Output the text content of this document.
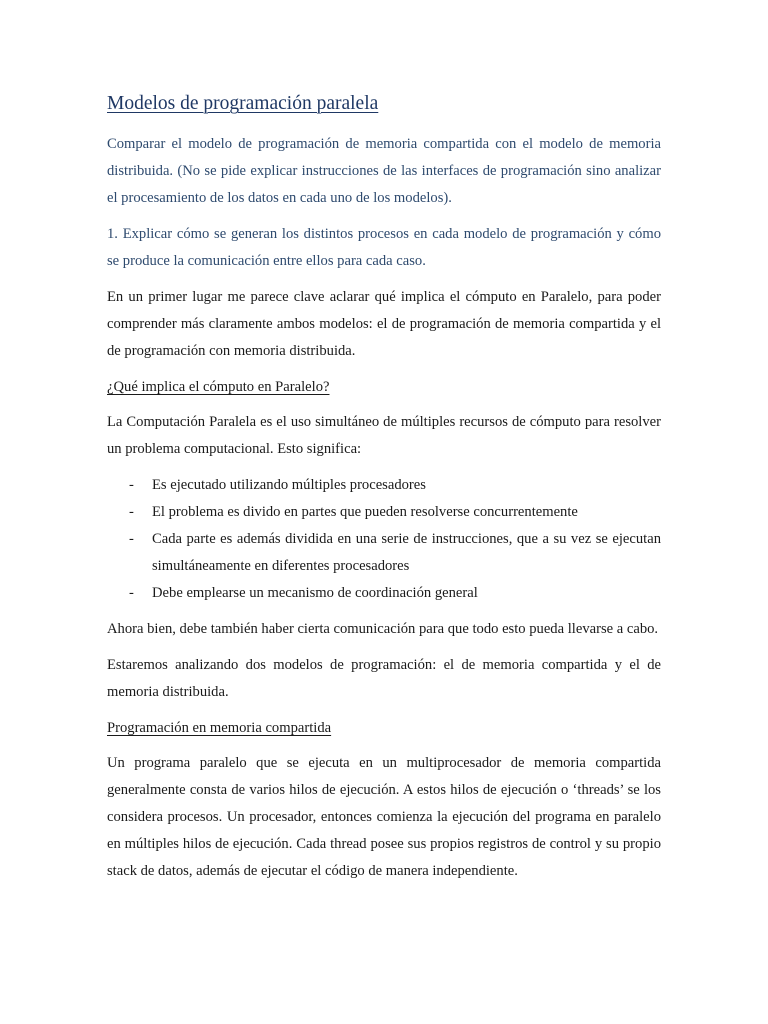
Modelos de programación paralela

Comparar el modelo de programación de memoria compartida con el modelo de memoria distribuida. (No se pide explicar instrucciones de las interfaces de programación sino analizar el procesamiento de los datos en cada uno de los modelos).

1. Explicar cómo se generan los distintos procesos en cada modelo de programación y cómo se produce la comunicación entre ellos para cada caso.

En un primer lugar me parece clave aclarar qué implica el cómputo en Paralelo, para poder comprender más claramente ambos modelos: el de programación de memoria compartida y el de programación con memoria distribuida.

¿Qué implica el cómputo en Paralelo?

La Computación Paralela es el uso simultáneo de múltiples recursos de cómputo para resolver un problema computacional. Esto significa:

- Es ejecutado utilizando múltiples procesadores
- El problema es divido en partes que pueden resolverse concurrentemente
- Cada parte es además dividida en una serie de instrucciones, que a su vez se ejecutan simultáneamente en diferentes procesadores
- Debe emplearse un mecanismo de coordinación general

Ahora bien, debe también haber cierta comunicación para que todo esto pueda llevarse a cabo.

Estaremos analizando dos modelos de programación: el de memoria compartida y el de memoria distribuida.

Programación en memoria compartida

Un programa paralelo que se ejecuta en un multiprocesador de memoria compartida generalmente consta de varios hilos de ejecución. A estos hilos de ejecución o ‘threads’ se los considera procesos. Un procesador, entonces comienza la ejecución del programa en paralelo en múltiples hilos de ejecución. Cada thread posee sus propios registros de control y su propio stack de datos, además de ejecutar el código de manera independiente.
